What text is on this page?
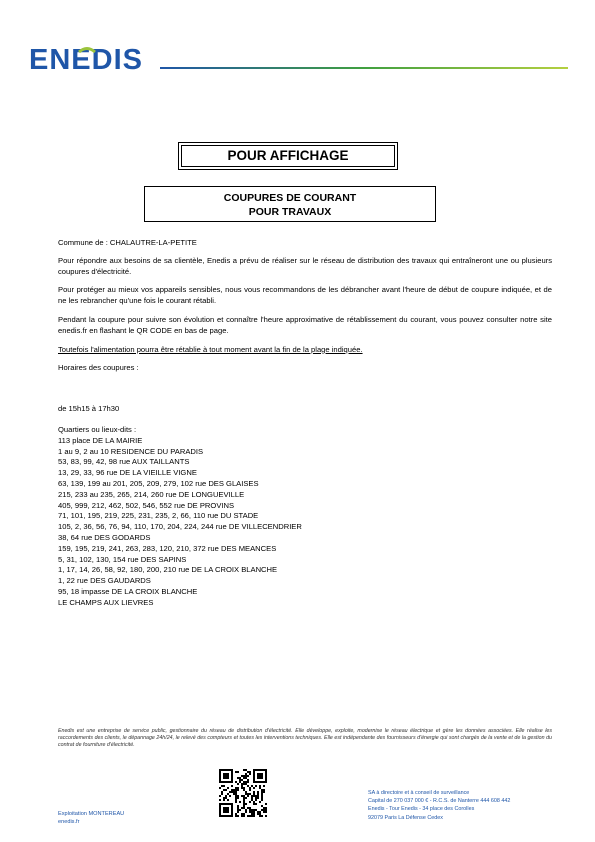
ENEDIS
POUR AFFICHAGE
COUPURES DE COURANT
POUR TRAVAUX

Commune de : CHALAUTRE-LA-PETITE

Pour répondre aux besoins de sa clientèle, Enedis a prévu de réaliser sur le réseau de distribution des travaux qui entraîneront une ou plusieurs coupures d'électricité.

Pour protéger au mieux vos appareils sensibles, nous vous recommandons de les débrancher avant l'heure de début de coupure indiquée, et de ne les rebrancher qu'une fois le courant rétabli.

Pendant la coupure pour suivre son évolution et connaître l'heure approximative de rétablissement du courant, vous pouvez consulter notre site enedis.fr en flashant le QR CODE en bas de page.

Toutefois l'alimentation pourra être rétablie à tout moment avant la fin de la plage indiquée.

Horaires des coupures :

de 15h15 à 17h30

Quartiers ou lieux-dits :

113 place DE LA MAIRIE
1 au 9, 2 au 10 RESIDENCE DU PARADIS
53, 83, 99, 42, 98 rue AUX TAILLANTS
13, 29, 33, 96 rue DE LA VIEILLE VIGNE
63, 139, 199 au 201, 205, 209, 279, 102 rue DES GLAISES
215, 233 au 235, 265, 214, 260 rue DE LONGUEVILLE
405, 999, 212, 462, 502, 546, 552 rue DE PROVINS
71, 101, 195, 219, 225, 231, 235, 2, 66, 110 rue DU STADE
105, 2, 36, 56, 76, 94, 110, 170, 204, 224, 244 rue DE VILLECENDRIER
38, 64 rue DES GODARDS
159, 195, 219, 241, 263, 283, 120, 210, 372 rue DES MEANCES
5, 31, 102, 130, 154 rue DES SAPINS
1, 17, 14, 26, 58, 92, 180, 200, 210 rue DE LA CROIX BLANCHE
1, 22 rue DES GAUDARDS
95, 18 impasse DE LA CROIX BLANCHE
LE CHAMPS AUX LIEVRES
Enedis est une entreprise de service public, gestionnaire du réseau de distribution d'électricité. Elle développe, exploite, modernise le réseau électrique et gère les données associées. Elle réalise les raccordements des clients, le dépannage 24h/24, le relevé des compteurs et toutes les interventions techniques. Elle est indépendante des fournisseurs d'énergie qui sont chargés de la vente et de la gestion du contrat de fourniture d'électricité.
Exploitation MONTEREAU
enedis.fr
SA à directoire et à conseil de surveillance
Capital de 270 037 000 € - R.C.S. de Nanterre 444 608 442
Enedis - Tour Enedis - 34 place des Corolles
92079 Paris La Défense Cedex
